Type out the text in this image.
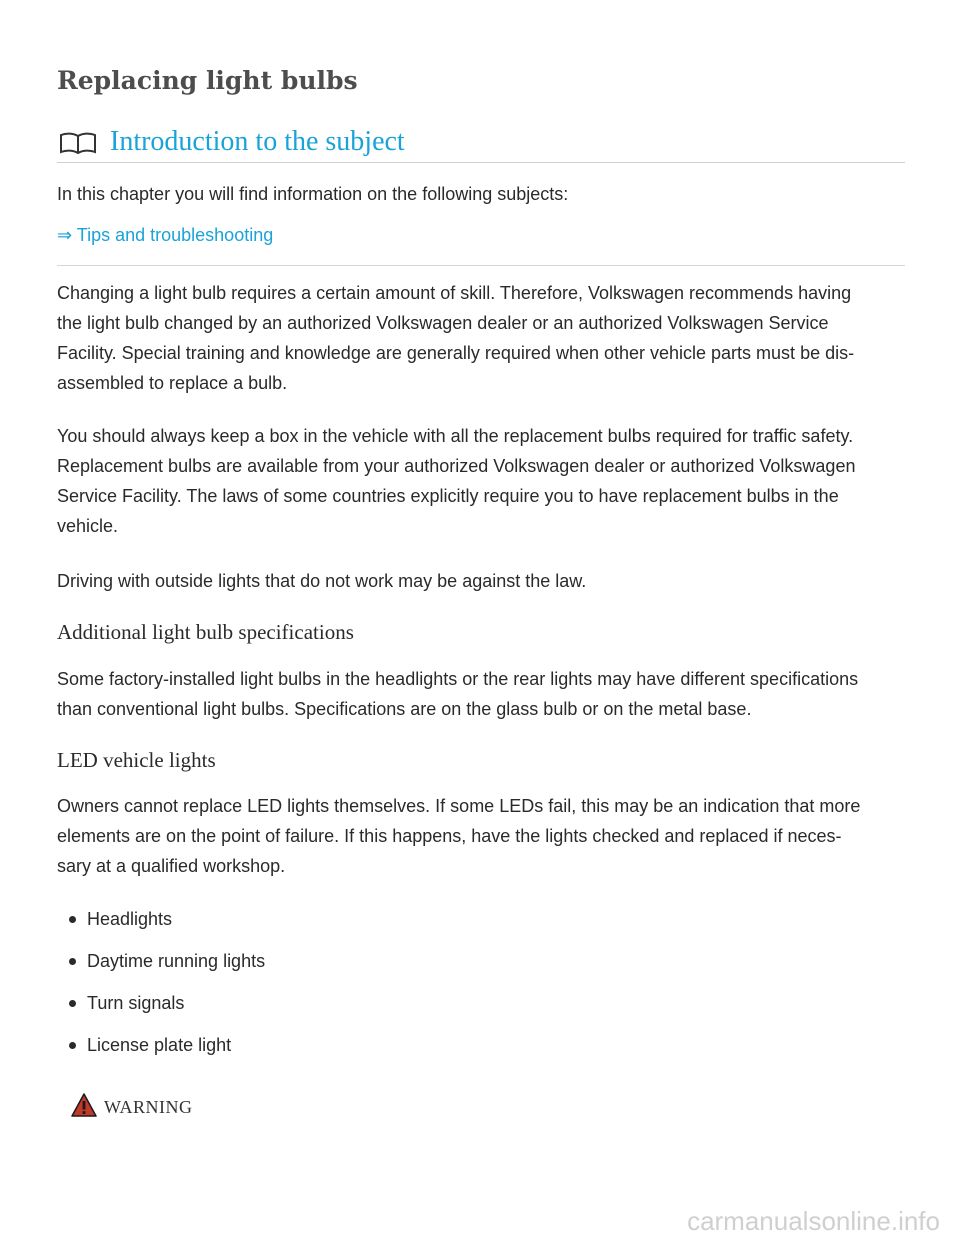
Replacing light bulbs
Introduction to the subject

In this chapter you will find information on the following subjects:

⇒ Tips and troubleshooting

Changing a light bulb requires a certain amount of skill. Therefore, Volkswagen recommends having
the light bulb changed by an authorized Volkswagen dealer or an authorized Volkswagen Service
Facility. Special training and knowledge are generally required when other vehicle parts must be dis-
assembled to replace a bulb.

You should always keep a box in the vehicle with all the replacement bulbs required for traffic safety.
Replacement bulbs are available from your authorized Volkswagen dealer or authorized Volkswagen
Service Facility. The laws of some countries explicitly require you to have replacement bulbs in the
vehicle.

Driving with outside lights that do not work may be against the law.

Additional light bulb specifications

Some factory-installed light bulbs in the headlights or the rear lights may have different specifications
than conventional light bulbs. Specifications are on the glass bulb or on the metal base.

LED vehicle lights

Owners cannot replace LED lights themselves. If some LEDs fail, this may be an indication that more
elements are on the point of failure. If this happens, have the lights checked and replaced if neces-
sary at a qualified workshop.

Headlights
Daytime running lights
Turn signals
License plate light
WARNING
carmanualsonline.info
